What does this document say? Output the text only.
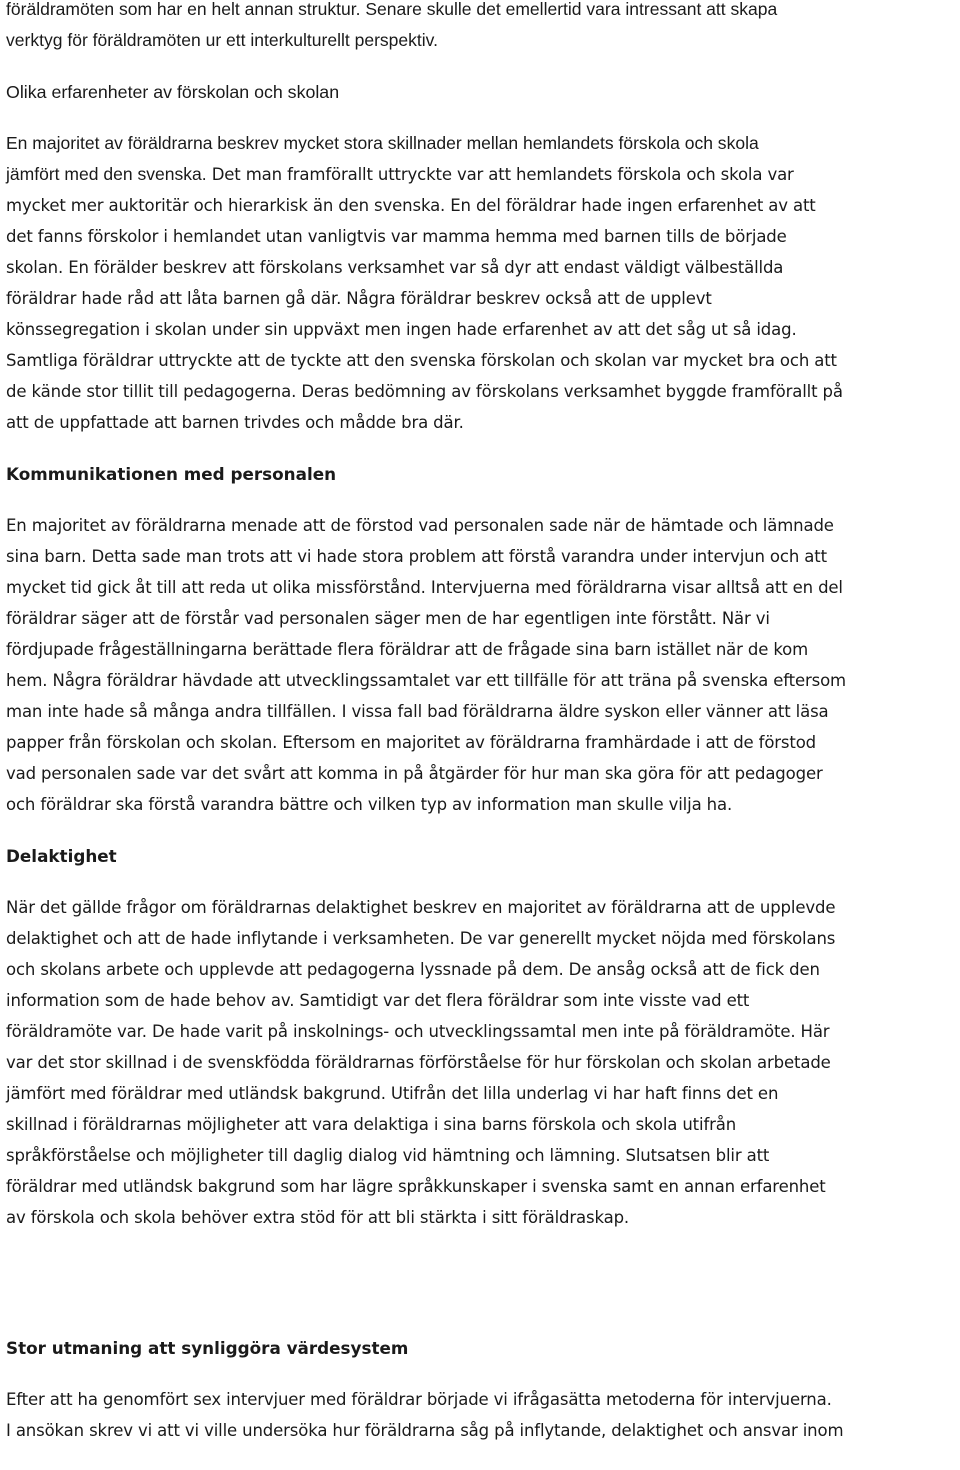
föräldramöten som har en helt annan struktur. Senare skulle det emellertid vara intressant att skapa
verktyg för föräldramöten ur ett interkulturellt perspektiv.
Olika erfarenheter av förskolan och skolan
En majoritet av föräldrarna beskrev mycket stora skillnader mellan hemlandets förskola och skola
jämfört med den svenska. Det man framförallt uttryckte var att hemlandets förskola och skola var
mycket mer auktoritär och hierarkisk än den svenska. En del föräldrar hade ingen erfarenhet av att
det fanns förskolor i hemlandet utan vanligtvis var mamma hemma med barnen tills de började
skolan. En förälder beskrev att förskolans verksamhet var så dyr att endast väldigt välbeställda
föräldrar hade råd att låta barnen gå där. Några föräldrar beskrev också att de upplevt
könssegregation i skolan under sin uppväxt men ingen hade erfarenhet av att det såg ut så idag.
Samtliga föräldrar uttryckte att de tyckte att den svenska förskolan och skolan var mycket bra och att
de kände stor tillit till pedagogerna. Deras bedömning av förskolans verksamhet byggde framförallt på
att de uppfattade att barnen trivdes och mådde bra där.
Kommunikationen med personalen
En majoritet av föräldrarna menade att de förstod vad personalen sade när de hämtade och lämnade
sina barn. Detta sade man trots att vi hade stora problem att förstå varandra under intervjun och att
mycket tid gick åt till att reda ut olika missförstånd. Intervjuerna med föräldrarna visar alltså att en del
föräldrar säger att de förstår vad personalen säger men de har egentligen inte förstått. När vi
fördjupade frågeställningarna berättade flera föräldrar att de frågade sina barn istället när de kom
hem. Några föräldrar hävdade att utvecklingssamtalet var ett tillfälle för att träna på svenska eftersom
man inte hade så många andra tillfällen. I vissa fall bad föräldrarna äldre syskon eller vänner att läsa
papper från förskolan och skolan. Eftersom en majoritet av föräldrarna framhärdade i att de förstod
vad personalen sade var det svårt att komma in på åtgärder för hur man ska göra för att pedagoger
och föräldrar ska förstå varandra bättre och vilken typ av information man skulle vilja ha.
Delaktighet
När det gällde frågor om föräldrarnas delaktighet beskrev en majoritet av föräldrarna att de upplevde
delaktighet och att de hade inflytande i verksamheten. De var generellt mycket nöjda med förskolans
och skolans arbete och upplevde att pedagogerna lyssnade på dem. De ansåg också att de fick den
information som de hade behov av. Samtidigt var det flera föräldrar som inte visste vad ett
föräldramöte var. De hade varit på inskolnings- och utvecklingssamtal men inte på föräldramöte. Här
var det stor skillnad i de svenskfödda föräldrarnas förförståelse för hur förskolan och skolan arbetade
jämfört med föräldrar med utländsk bakgrund. Utifrån det lilla underlag vi har haft finns det en
skillnad i föräldrarnas möjligheter att vara delaktiga i sina barns förskola och skola utifrån
språkförståelse och möjligheter till daglig dialog vid hämtning och lämning. Slutsatsen blir att
föräldrar med utländsk bakgrund som har lägre språkkunskaper i svenska samt en annan erfarenhet
av förskola och skola behöver extra stöd för att bli stärkta i sitt föräldraskap.
Stor utmaning att synliggöra värdesystem
Efter att ha genomfört sex intervjuer med föräldrar började vi ifrågasätta metoderna för intervjuerna.
I ansökan skrev vi att vi ville undersöka hur föräldrarna såg på inflytande, delaktighet och ansvar inom
